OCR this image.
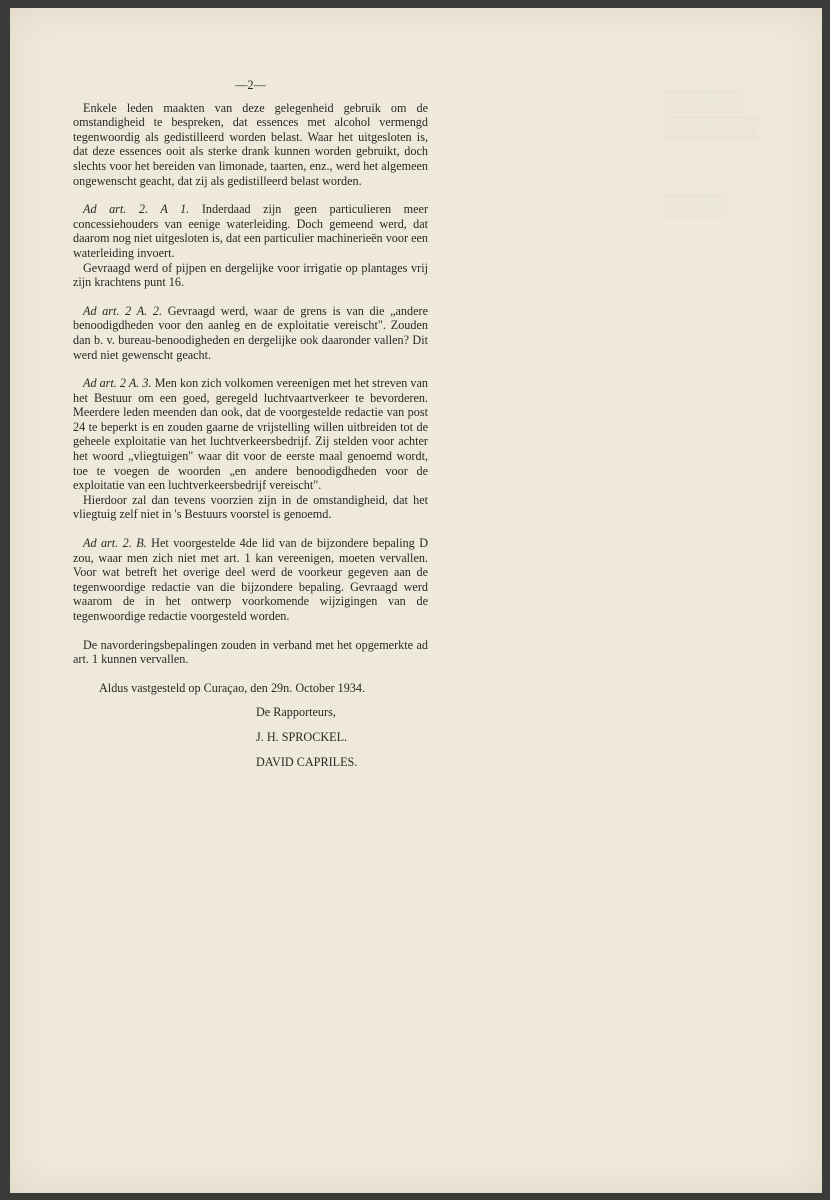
▒▒▒▒▒
▒▒▒▒▒▒

▒▒▒▒
—2—

Enkele leden maakten van deze gelegenheid gebruik om de omstandigheid te bespreken, dat essences met alcohol vermengd tegenwoordig als gedistilleerd worden belast. Waar het uitgesloten is, dat deze essences ooit als sterke drank kunnen worden gebruikt, doch slechts voor het bereiden van limonade, taarten, enz., werd het algemeen ongewenscht geacht, dat zij als gedistilleerd belast worden.

Ad art. 2. A 1. Inderdaad zijn geen particulieren meer concessiehouders van eenige waterleiding. Doch gemeend werd, dat daarom nog niet uitgesloten is, dat een particulier machinerieën voor een waterleiding invoert.

Gevraagd werd of pijpen en dergelijke voor irrigatie op plantages vrij zijn krachtens punt 16.

Ad art. 2 A. 2. Gevraagd werd, waar de grens is van die „andere benoodigdheden voor den aanleg en de exploitatie vereischt". Zouden dan b. v. bureau-benoodigheden en dergelijke ook daaronder vallen? Dit werd niet gewenscht geacht.

Ad art. 2 A. 3. Men kon zich volkomen vereenigen met het streven van het Bestuur om een goed, geregeld luchtvaartverkeer te bevorderen. Meerdere leden meenden dan ook, dat de voorgestelde redactie van post 24 te beperkt is en zouden gaarne de vrijstelling willen uitbreiden tot de geheele exploitatie van het luchtverkeersbedrijf. Zij stelden voor achter het woord „vliegtuigen" waar dit voor de eerste maal genoemd wordt, toe te voegen de woorden „en andere benoodigdheden voor de exploitatie van een luchtverkeersbedrijf vereischt".

Hierdoor zal dan tevens voorzien zijn in de omstandigheid, dat het vliegtuig zelf niet in 's Bestuurs voorstel is genoemd.

Ad art. 2. B. Het voorgestelde 4de lid van de bijzondere bepaling D zou, waar men zich niet met art. 1 kan vereenigen, moeten vervallen. Voor wat betreft het overige deel werd de voorkeur gegeven aan de tegenwoordige redactie van die bijzondere bepaling. Gevraagd werd waarom de in het ontwerp voorkomende wijzigingen van de tegenwoordige redactie voorgesteld worden.

De navorderingsbepalingen zouden in verband met het opgemerkte ad art. 1 kunnen vervallen.

Aldus vastgesteld op Curaçao, den 29n. October 1934.
De Rapporteurs,
J. H. SPROCKEL.
DAVID CAPRILES.
